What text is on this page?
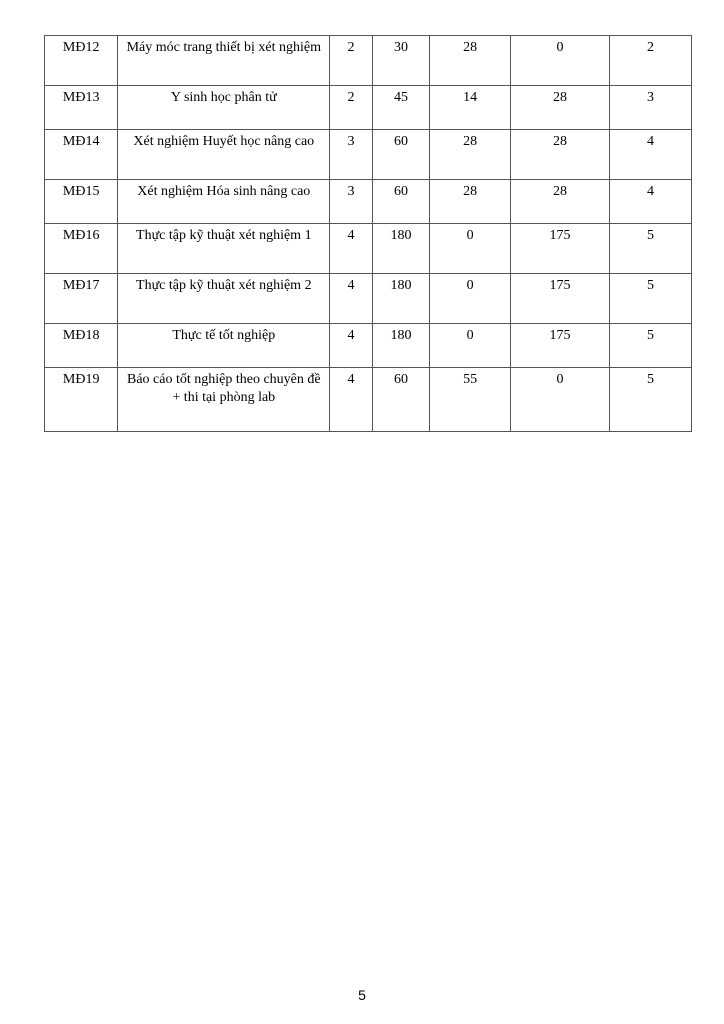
MĐ12	Máy móc trang thiết bị xét nghiệm	2	30	28	0	2
MĐ13	Y sinh học phân tử	2	45	14	28	3
MĐ14	Xét nghiệm Huyết học nâng cao	3	60	28	28	4
MĐ15	Xét nghiệm Hóa sinh nâng cao	3	60	28	28	4
MĐ16	Thực tập kỹ thuật xét nghiệm 1	4	180	0	175	5
MĐ17	Thực tập kỹ thuật xét nghiệm 2	4	180	0	175	5
MĐ18	Thực tế tốt nghiệp	4	180	0	175	5
MĐ19	Báo cáo tốt nghiệp theo chuyên đề + thi tại phòng lab	4	60	55	0	5
5
